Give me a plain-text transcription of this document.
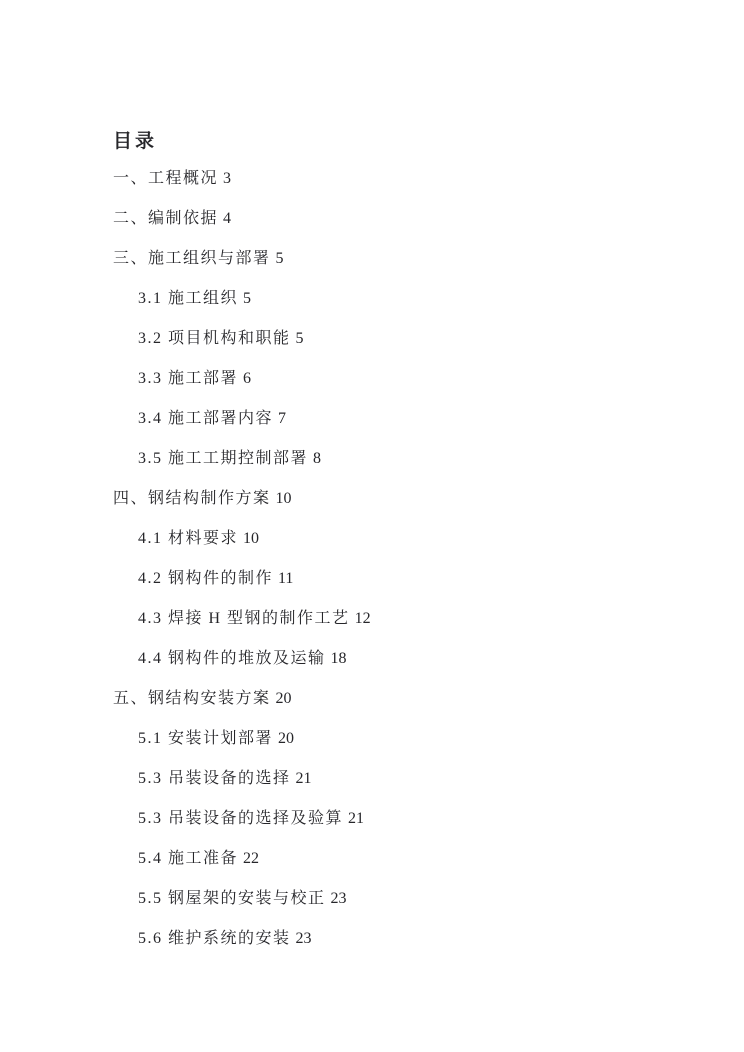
目录
一、工程概况 3
二、编制依据 4
三、施工组织与部署 5
3.1 施工组织 5
3.2 项目机构和职能 5
3.3 施工部署 6
3.4 施工部署内容 7
3.5 施工工期控制部署 8
四、钢结构制作方案 10
4.1 材料要求 10
4.2 钢构件的制作 11
4.3 焊接 H 型钢的制作工艺 12
4.4 钢构件的堆放及运输 18
五、钢结构安装方案 20
5.1 安装计划部署 20
5.3 吊装设备的选择 21
5.3 吊装设备的选择及验算 21
5.4 施工准备 22
5.5 钢屋架的安装与校正 23
5.6 维护系统的安装 23
